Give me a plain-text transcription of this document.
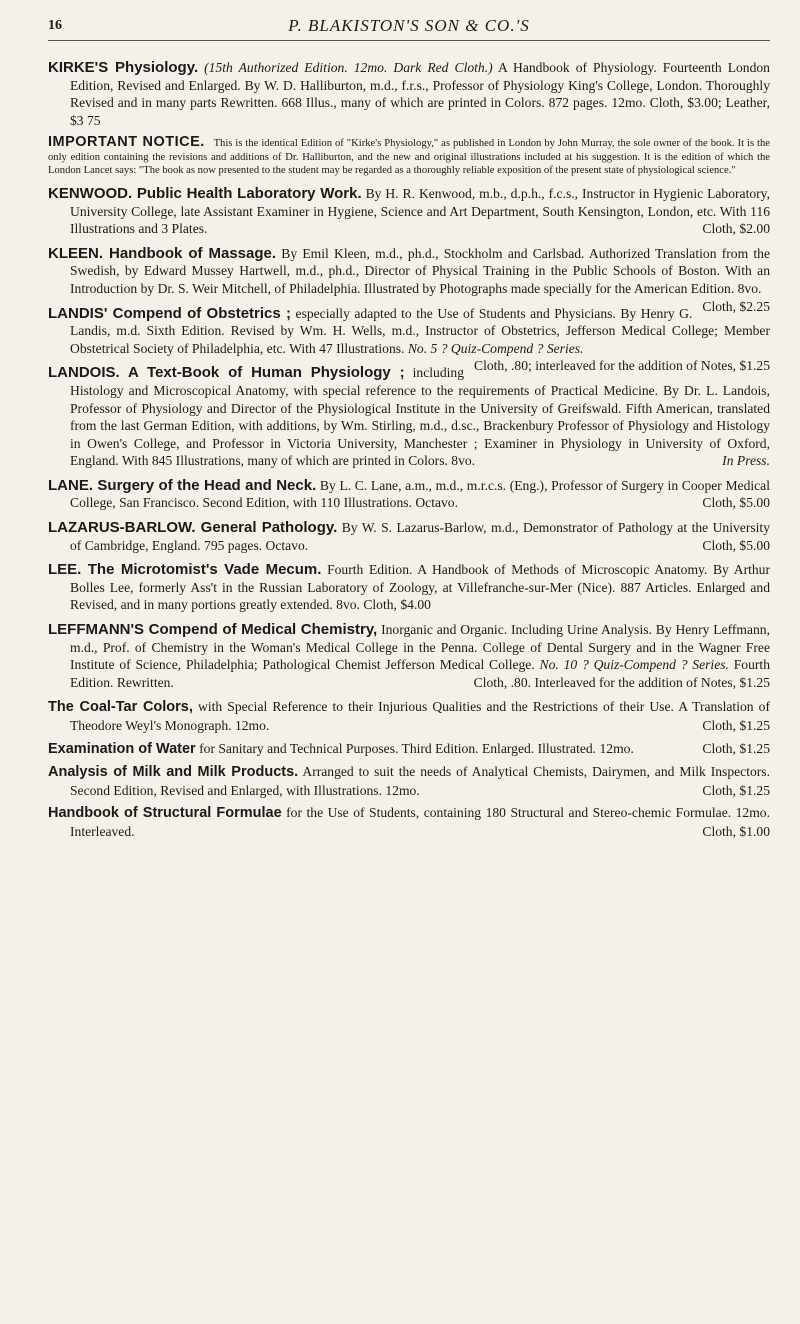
16	P. BLAKISTON'S SON & CO.'S

KIRKE'S Physiology. (15th Authorized Edition. 12mo. Dark Red Cloth.) A Handbook of Physiology. Fourteenth London Edition, Revised and Enlarged. By W. D. Halliburton, m.d., f.r.s., Professor of Physiology King's College, London. Thoroughly Revised and in many parts Rewritten. 668 Illus., many of which are printed in Colors. 872 pages. 12mo. Cloth, $3.00; Leather, $3 75

IMPORTANT NOTICE. This is the identical Edition of "Kirke's Physiology," as published in London by John Murray, the sole owner of the book. It is the only edition containing the revisions and additions of Dr. Halliburton, and the new and original illustrations included at his suggestion. It is the edition of which the London Lancet says: "The book as now presented to the student may be regarded as a thoroughly reliable exposition of the present state of physiological science."

KENWOOD. Public Health Laboratory Work. By H. R. Kenwood, m.b., d.p.h., f.c.s., Instructor in Hygienic Laboratory, University College, late Assistant Examiner in Hygiene, Science and Art Department, South Kensington, London, etc. With 116 Illustrations and 3 Plates.	Cloth, $2.00

KLEEN. Handbook of Massage. By Emil Kleen, m.d., ph.d., Stockholm and Carlsbad. Authorized Translation from the Swedish, by Edward Mussey Hartwell, m.d., ph.d., Director of Physical Training in the Public Schools of Boston. With an Introduction by Dr. S. Weir Mitchell, of Philadelphia. Illustrated by Photographs made specially for the American Edition. 8vo.
Cloth, $2.25

LANDIS' Compend of Obstetrics ; especially adapted to the Use of Students and Physicians. By Henry G. Landis, m.d. Sixth Edition. Revised by Wm. H. Wells, m.d., Instructor of Obstetrics, Jefferson Medical College; Member Obstetrical Society of Philadelphia, etc. With 47 Illustrations. No. 5 ? Quiz-Compend ? Series.
Cloth, .80; interleaved for the addition of Notes, $1.25

LANDOIS. A Text-Book of Human Physiology ; including Histology and Microscopical Anatomy, with special reference to the requirements of Practical Medicine. By Dr. L. Landois, Professor of Physiology and Director of the Physiological Institute in the University of Greifswald. Fifth American, translated from the last German Edition, with additions, by Wm. Stirling, m.d., d.sc., Brackenbury Professor of Physiology and Histology in Owen's College, and Professor in Victoria University, Manchester ; Examiner in Physiology in University of Oxford, England. With 845 Illustrations, many of which are printed in Colors. 8vo.	In Press.

LANE. Surgery of the Head and Neck. By L. C. Lane, a.m., m.d., m.r.c.s. (Eng.), Professor of Surgery in Cooper Medical College, San Francisco. Second Edition, with 110 Illustrations. Octavo.	Cloth, $5.00

LAZARUS-BARLOW. General Pathology. By W. S. Lazarus-Barlow, m.d., Demonstrator of Pathology at the University of Cambridge, England. 795 pages. Octavo.	Cloth, $5.00

LEE. The Microtomist's Vade Mecum. Fourth Edition. A Handbook of Methods of Microscopic Anatomy. By Arthur Bolles Lee, formerly Ass't in the Russian Laboratory of Zoology, at Villefranche-sur-Mer (Nice). 887 Articles. Enlarged and Revised, and in many portions greatly extended. 8vo. Cloth, $4.00

LEFFMANN'S Compend of Medical Chemistry, Inorganic and Organic. Including Urine Analysis. By Henry Leffmann, m.d., Prof. of Chemistry in the Woman's Medical College in the Penna. College of Dental Surgery and in the Wagner Free Institute of Science, Philadelphia; Pathological Chemist Jefferson Medical College. No. 10 ? Quiz-Compend ? Series. Fourth Edition. Rewritten.	Cloth, .80. Interleaved for the addition of Notes, $1.25

The Coal-Tar Colors, with Special Reference to their Injurious Qualities and the Restrictions of their Use. A Translation of Theodore Weyl's Monograph. 12mo.	Cloth, $1.25

Examination of Water for Sanitary and Technical Purposes. Third Edition. Enlarged. Illustrated. 12mo.	Cloth, $1.25

Analysis of Milk and Milk Products. Arranged to suit the needs of Analytical Chemists, Dairymen, and Milk Inspectors. Second Edition, Revised and Enlarged, with Illustrations. 12mo.	Cloth, $1.25

Handbook of Structural Formulae for the Use of Students, containing 180 Structural and Stereo-chemic Formulae. 12mo. Interleaved.	Cloth, $1.00
